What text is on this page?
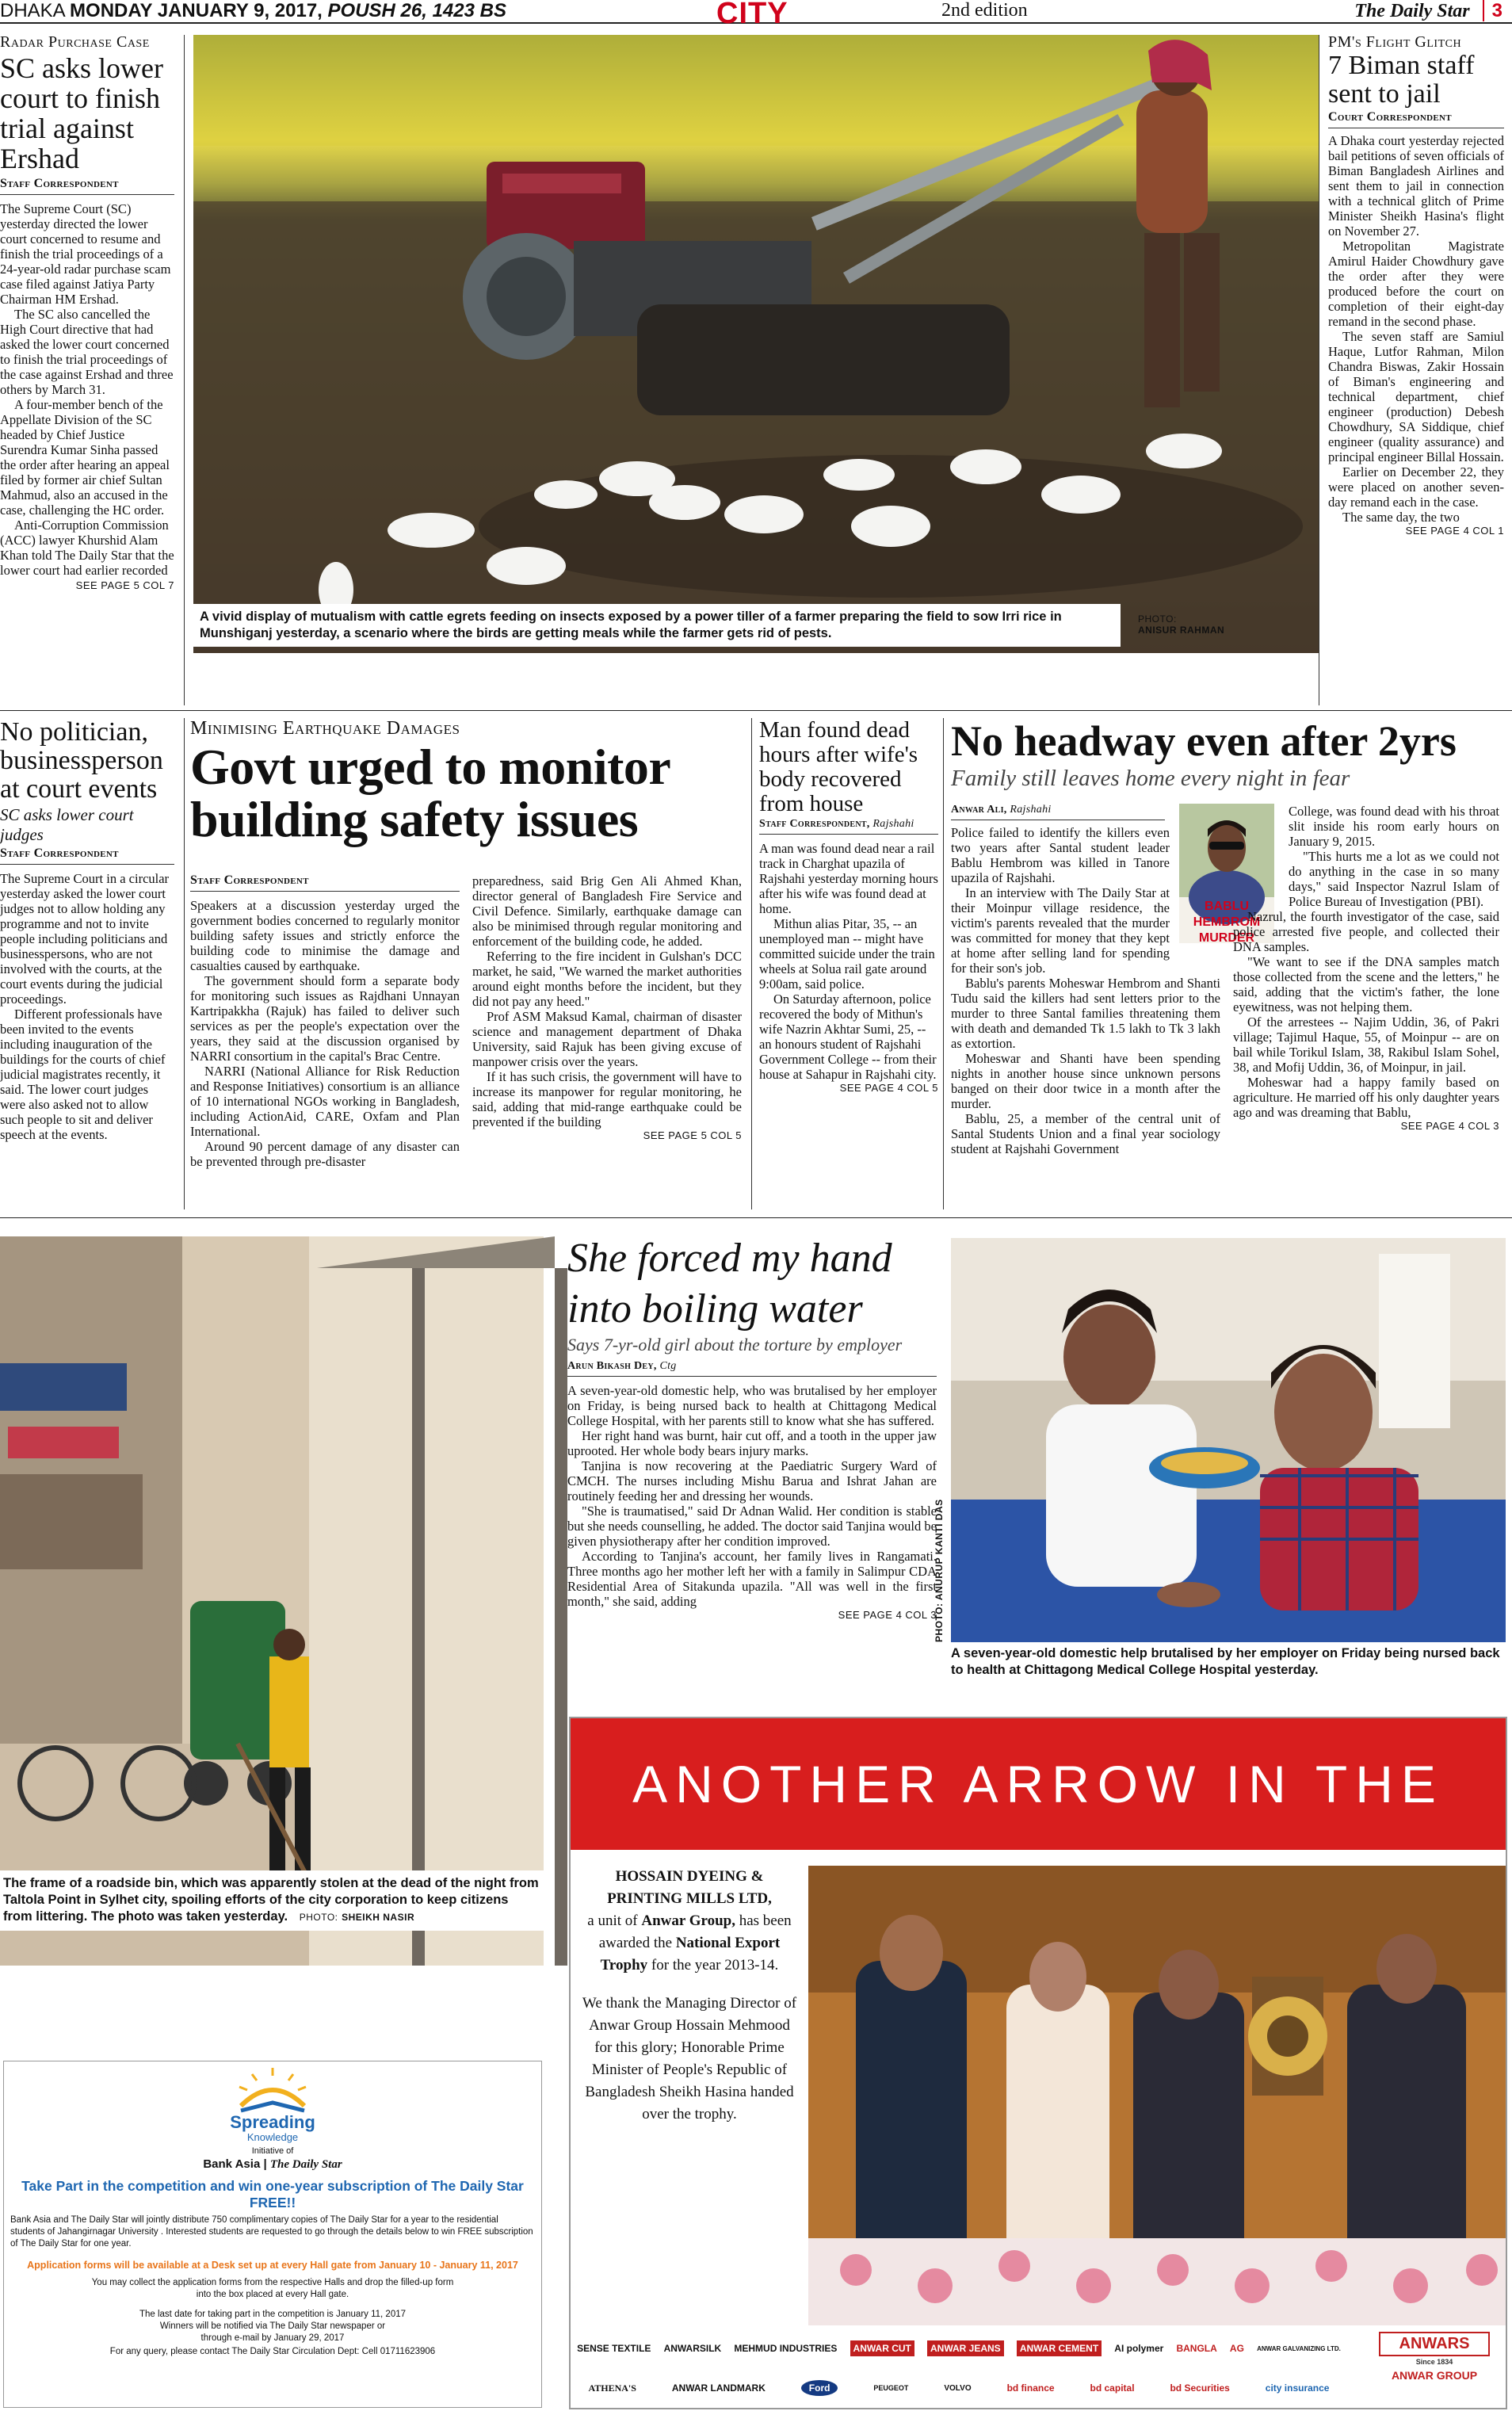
DHAKA MONDAY JANUARY 9, 2017, POUSH 26, 1423 BS	CITY	2nd edition	The Daily Star 3
Radar Purchase Case
SC asks lower court to finish trial against Ershad
Staff Correspondent

The Supreme Court (SC) yesterday directed the lower court concerned to resume and finish the trial proceedings of a 24-year-old radar purchase scam case filed against Jatiya Party Chairman HM Ershad.

The SC also cancelled the High Court directive that had asked the lower court concerned to finish the trial proceedings of the case against Ershad and three others by March 31.

A four-member bench of the Appellate Division of the SC headed by Chief Justice Surendra Kumar Sinha passed the order after hearing an appeal filed by former air chief Sultan Mahmud, also an accused in the case, challenging the HC order.

Anti-Corruption Commission (ACC) lawyer Khurshid Alam Khan told The Daily Star that the lower court had earlier recorded

SEE PAGE 5 COL 7
A vivid display of mutualism with cattle egrets feeding on insects exposed by a power tiller of a farmer preparing the field to sow Irri rice in Munshiganj yesterday, a scenario where the birds are getting meals while the farmer gets rid of pests.
PHOTO:
ANISUR RAHMAN
PM's Flight Glitch
7 Biman staff sent to jail
Court Correspondent

A Dhaka court yesterday rejected bail petitions of seven officials of Biman Bangladesh Airlines and sent them to jail in connection with a technical glitch of Prime Minister Sheikh Hasina's flight on November 27.

Metropolitan Magistrate Amirul Haider Chowdhury gave the order after they were produced before the court on completion of their eight-day remand in the second phase.

The seven staff are Samiul Haque, Lutfor Rahman, Milon Chandra Biswas, Zakir Hossain of Biman's engineering and technical department, chief engineer (production) Debesh Chowdhury, SA Siddique, chief engineer (quality assurance) and principal engineer Billal Hossain.

Earlier on December 22, they were placed on another seven-day remand each in the case.

The same day, the two

SEE PAGE 4 COL 1
No politician, businessperson at court events
SC asks lower court judges
Staff Correspondent

The Supreme Court in a circular yesterday asked the lower court judges not to allow holding any programme and not to invite people including politicians and businesspersons, who are not involved with the courts, at the court events during the judicial proceedings.

Different professionals have been invited to the events including inauguration of the buildings for the courts of chief judicial magistrates recently, it said. The lower court judges were also asked not to allow such people to sit and deliver speech at the events.

Minimising Earthquake Damages
Govt urged to monitor building safety issues
Staff Correspondent

Speakers at a discussion yesterday urged the government bodies concerned to regularly monitor building safety issues and strictly enforce the building code to minimise the damage and casualties caused by earthquake.

The government should form a separate body for monitoring such issues as Rajdhani Unnayan Kartripakkha (Rajuk) has failed to deliver such services as per the people's expectation over the years, they said at the discussion organised by NARRI consortium in the capital's Brac Centre.

NARRI (National Alliance for Risk Reduction and Response Initiatives) consortium is an alliance of 10 international NGOs working in Bangladesh, including ActionAid, CARE, Oxfam and Plan International.

Around 90 percent damage of any disaster can be prevented through pre-disaster

preparedness, said Brig Gen Ali Ahmed Khan, director general of Bangladesh Fire Service and Civil Defence. Similarly, earthquake damage can also be minimised through regular monitoring and enforcement of the building code, he added.

Referring to the fire incident in Gulshan's DCC market, he said, "We warned the market authorities around eight months before the incident, but they did not pay any heed."

Prof ASM Maksud Kamal, chairman of disaster science and management department of Dhaka University, said Rajuk has been giving excuse of manpower crisis over the years.

If it has such crisis, the government will have to increase its manpower for regular monitoring, he said, adding that mid-range earthquake could be prevented if the building

SEE PAGE 5 COL 5
Man found dead hours after wife's body recovered from house
Staff Correspondent, Rajshahi

A man was found dead near a rail track in Charghat upazila of Rajshahi yesterday morning hours after his wife was found dead at home.

Mithun alias Pitar, 35, -- an unemployed man -- might have committed suicide under the train wheels at Solua rail gate around 9:00am, said police.

On Saturday afternoon, police recovered the body of Mithun's wife Nazrin Akhtar Sumi, 25, -- an honours student of Rajshahi Government College -- from their house at Sahapur in Rajshahi city.

SEE PAGE 4 COL 5
No headway even after 2yrs
Family still leaves home every night in fear
Anwar Ali, Rajshahi
BABLU HEMBROM MURDER

Police failed to identify the killers even two years after Santal student leader Bablu Hembrom was killed in Tanore upazila of Rajshahi.

In an interview with The Daily Star at their Moinpur village residence, the victim's parents revealed that the murder was committed for money that they kept at home after selling land for spending for their son's job.

Bablu's parents Moheswar Hembrom and Shanti Tudu said the killers had sent letters prior to the murder to three Santal families threatening them with death and demanded Tk 1.5 lakh to Tk 3 lakh as extortion.

Moheswar and Shanti have been spending nights in another house since unknown persons banged on their door twice in a month after the murder.

Bablu, 25, a member of the central unit of Santal Students Union and a final year sociology student at Rajshahi Government

College, was found dead with his throat slit inside his room early hours on January 9, 2015.

"This hurts me a lot as we could not do anything in the case in so many days," said Inspector Nazrul Islam of Police Bureau of Investigation (PBI).

Nazrul, the fourth investigator of the case, said police arrested five people, and collected their DNA samples.

"We want to see if the DNA samples match those collected from the scene and the letters," he said, adding that the victim's father, the lone eyewitness, was not helping them.

Of the arrestees -- Najim Uddin, 36, of Pakri village; Tajimul Haque, 55, of Moinpur -- are on bail while Torikul Islam, 38, Rakibul Islam Sohel, 38, and Mofij Uddin, 36, of Moinpur, in jail.

Moheswar had a happy family based on agriculture. He married off his only daughter years ago and was dreaming that Bablu,

SEE PAGE 4 COL 3
The frame of a roadside bin, which was apparently stolen at the dead of the night from Taltola Point in Sylhet city, spoiling efforts of the city corporation to keep citizens from littering. The photo was taken yesterday. PHOTO: SHEIKH NASIR
She forced my hand into boiling water
Says 7-yr-old girl about the torture by employer
Arun Bikash Dey, Ctg

A seven-year-old domestic help, who was brutalised by her employer on Friday, is being nursed back to health at Chittagong Medical College Hospital, with her parents still to know what she has suffered.

Her right hand was burnt, hair cut off, and a tooth in the upper jaw uprooted. Her whole body bears injury marks.

Tanjina is now recovering at the Paediatric Surgery Ward of CMCH. The nurses including Mishu Barua and Ishrat Jahan are routinely feeding her and dressing her wounds.

"She is traumatised," said Dr Adnan Walid. Her condition is stable but she needs counselling, he added. The doctor said Tanjina would be given physiotherapy after her condition improved.

According to Tanjina's account, her family lives in Rangamati. Three months ago her mother left her with a family in Salimpur CDA Residential Area of Sitakunda upazila. "All was well in the first month," she said, adding

SEE PAGE 4 COL 3
A seven-year-old domestic help brutalised by her employer on Friday being nursed back to health at Chittagong Medical College Hospital yesterday.
PHOTO: ANURUP KANTI DAS
Spreading
Knowledge
Initiative of
Bank Asia | The Daily Star
Take Part in the competition and win one-year subscription of The Daily Star FREE!!
Bank Asia and The Daily Star will jointly distribute 750 complimentary copies of The Daily Star for a year to the residential students of Jahangirnagar University . Interested students are requested to go through the details below to win FREE subscription of The Daily Star for one year.
Application forms will be available at a Desk set up at every Hall gate from January 10 - January 11, 2017
You may collect the application forms from the respective Halls and drop the filled-up form into the box placed at every Hall gate.
The last date for taking part in the competition is January 11, 2017
Winners will be notified via The Daily Star newspaper or through e-mail by January 29, 2017
For any query, please contact The Daily Star Circulation Dept: Cell 01711623906
ANOTHER ARROW IN THE
HOSSAIN DYEING & PRINTING MILLS LTD,
a unit of Anwar Group, has been awarded the National Export Trophy for the year 2013-14.
We thank the Managing Director of Anwar Group Hossain Mehmood for this glory; Honorable Prime Minister of People's Republic of Bangladesh Sheikh Hasina handed over the trophy.
SENSE TEXTILE ANWARSILK MEHMUD INDUSTRIES	ANWAR CUT	ANWAR JEANS	ANWAR CEMENT	AI polymer BANGLA AG ANWAR GALVANIZING LTD.
ATHENA'S	ANWAR LANDMARK	Ford	PEUGEOT	VOLVO	bd finance	bd capital	bd Securities	city insurance
ANWARS
Since 1834
ANWAR GROUP
